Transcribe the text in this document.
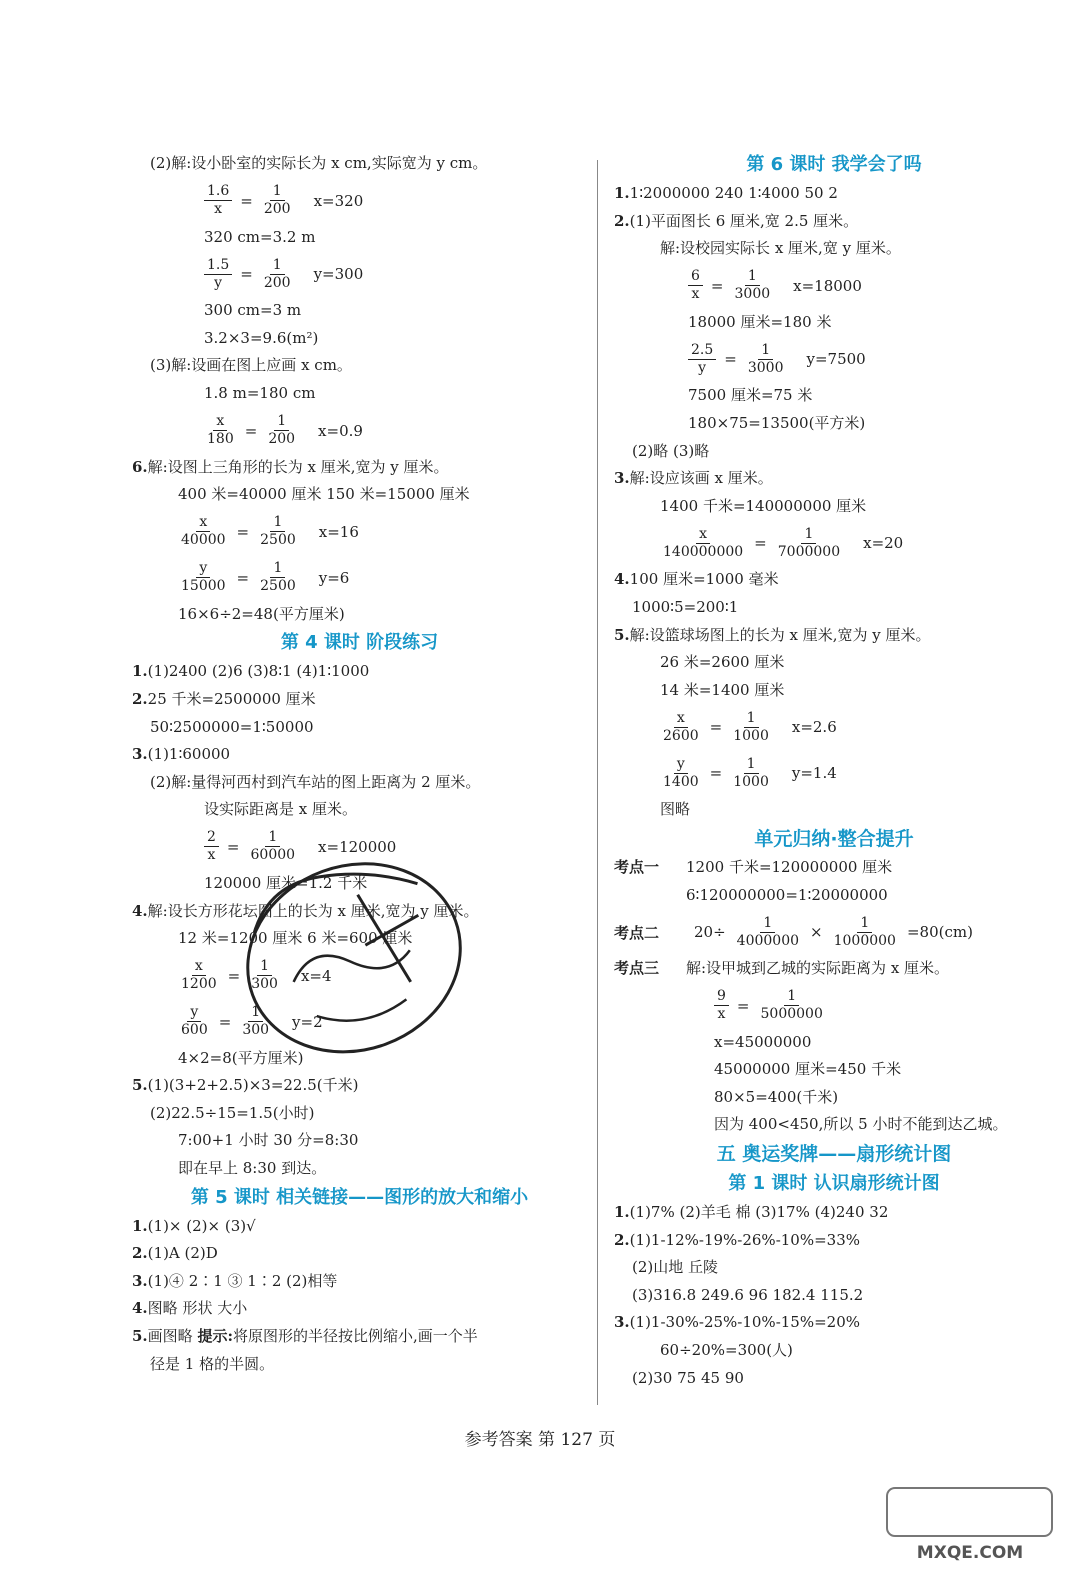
(2)解:设小卧室的实际长为 x cm,实际宽为 y cm。
$\frac{1.6}{x} = \frac{1}{200} x=320$
320 cm=3.2 m
$\frac{1.5}{y} = \frac{1}{200} y=300$
300 cm=3 m
3.2×3=9.6(m²)
(3)解:设画在图上应画 x cm。
1.8 m=180 cm
$\frac{x}{180} = \frac{1}{200} x=0.9$
6.解:设图上三角形的长为 x 厘米,宽为 y 厘米。
400 米=40000 厘米 150 米=15000 厘米
$\frac{x}{40000} = \frac{1}{2500} x=16$
$\frac{y}{15000} = \frac{1}{2500} y=6$
16×6÷2=48(平方厘米)
第 4 课时 阶段练习
1.(1)2400 (2)6 (3)8∶1 (4)1∶1000
2.25 千米=2500000 厘米
50∶2500000=1∶50000
3.(1)1∶60000
(2)解:量得河西村到汽车站的图上距离为 2 厘米。
设实际距离是 x 厘米。
$\frac{2}{x} = \frac{1}{60000} x=120000$
120000 厘米=1.2 千米
4.解:设长方形花坛图上的长为 x 厘米,宽为 y 厘米。
12 米=1200 厘米 6 米=600 厘米
$\frac{x}{1200} = \frac{1}{300} x=4$
$\frac{y}{600} = \frac{1}{300} y=2$
4×2=8(平方厘米)
5.(1)(3+2+2.5)×3=22.5(千米)
(2)22.5÷15=1.5(小时)
7:00+1 小时 30 分=8:30
即在早上 8:30 到达。
第 5 课时 相关链接——图形的放大和缩小
1.(1)× (2)× (3)√
2.(1)A (2)D
3.(1)④ 2∶1 ③ 1∶2 (2)相等
4.图略 形状 大小
5.画图略 提示:将原图形的半径按比例缩小,画一个半
径是 1 格的半圆。
第 6 课时 我学会了吗
1.1∶2000000 240 1∶4000 50 2
2.(1)平面图长 6 厘米,宽 2.5 厘米。
解:设校园实际长 x 厘米,宽 y 厘米。
$\frac{6}{x} = \frac{1}{3000} x=18000$
18000 厘米=180 米
$\frac{2.5}{y} = \frac{1}{3000} y=7500$
7500 厘米=75 米
180×75=13500(平方米)
(2)略 (3)略
3.解:设应该画 x 厘米。
1400 千米=140000000 厘米
$\frac{x}{140000000} = \frac{1}{7000000} x=20$
4.100 厘米=1000 毫米
1000∶5=200∶1
5.解:设篮球场图上的长为 x 厘米,宽为 y 厘米。
26 米=2600 厘米
14 米=1400 厘米
$\frac{x}{2600} = \frac{1}{1000} x=2.6$
$\frac{y}{1400} = \frac{1}{1000} y=1.4$
图略
单元归纳·整合提升
考点一 1200 千米=120000000 厘米
6∶120000000=1∶20000000
考点二	$20\div \frac{1}{4000000} \times \frac{1}{1000000} =80(cm)$
考点三 解:设甲城到乙城的实际距离为 x 厘米。
$\frac{9}{x} = \frac{1}{5000000}$
x=45000000
45000000 厘米=450 千米
80×5=400(千米)
因为 400<450,所以 5 小时不能到达乙城。
五 奥运奖牌——扇形统计图
第 1 课时 认识扇形统计图
1.(1)7% (2)羊毛 棉 (3)17% (4)240 32
2.(1)1-12%-19%-26%-10%=33%
(2)山地 丘陵
(3)316.8 249.6 96 182.4 115.2
3.(1)1-30%-25%-10%-15%=20%
60÷20%=300(人)
(2)30 75 45 90
参考答案 第 127 页
MXQE.COM
